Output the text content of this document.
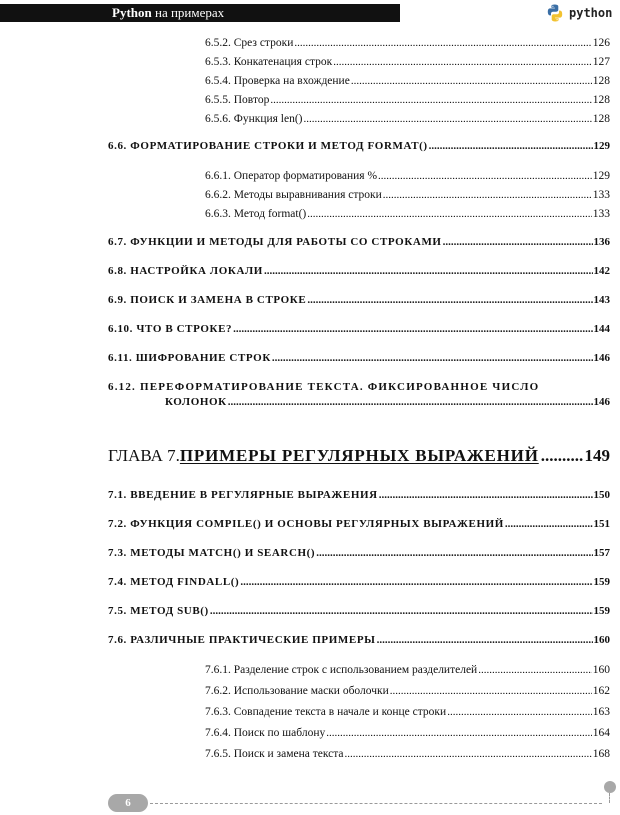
Python на примерах	python
6.5.2. Срез строки .....	126
6.5.3. Конкатенация строк .....	127
6.5.4. Проверка на вхождение .....	128
6.5.5. Повтор .....	128
6.5.6. Функция len() .....	128
6.6. ФОРМАТИРОВАНИЕ СТРОКИ И МЕТОД FORMAT() .....	129
6.6.1. Оператор форматирования % .....	129
6.6.2. Методы выравнивания строки .....	133
6.6.3. Метод format() .....	133
6.7. ФУНКЦИИ И МЕТОДЫ ДЛЯ РАБОТЫ СО СТРОКАМИ .....	136
6.8. НАСТРОЙКА ЛОКАЛИ .....	142
6.9. ПОИСК И ЗАМЕНА В СТРОКЕ .....	143
6.10. ЧТО В СТРОКЕ? .....	144
6.11. ШИФРОВАНИЕ СТРОК .....	146
6.12. ПЕРЕФОРМАТИРОВАНИЕ ТЕКСТА. ФИКСИРОВАННОЕ ЧИСЛО
КОЛОНОК .....	146
ГЛАВА 7. ПРИМЕРЫ РЕГУЛЯРНЫХ ВЫРАЖЕНИЙ .....	149
7.1. ВВЕДЕНИЕ В РЕГУЛЯРНЫЕ ВЫРАЖЕНИЯ .....	150
7.2. ФУНКЦИЯ COMPILE() И ОСНОВЫ РЕГУЛЯРНЫХ ВЫРАЖЕНИЙ .....	151
7.3. МЕТОДЫ MATCH() И SEARCH() .....	157
7.4. МЕТОД FINDALL() .....	159
7.5. МЕТОД SUB() .....	159
7.6. РАЗЛИЧНЫЕ ПРАКТИЧЕСКИЕ ПРИМЕРЫ .....	160
7.6.1. Разделение строк с использованием разделителей .....	160
7.6.2. Использование маски оболочки .....	162
7.6.3. Совпадение текста в начале и конце строки .....	163
7.6.4. Поиск по шаблону .....	164
7.6.5. Поиск и замена текста .....	168
6
